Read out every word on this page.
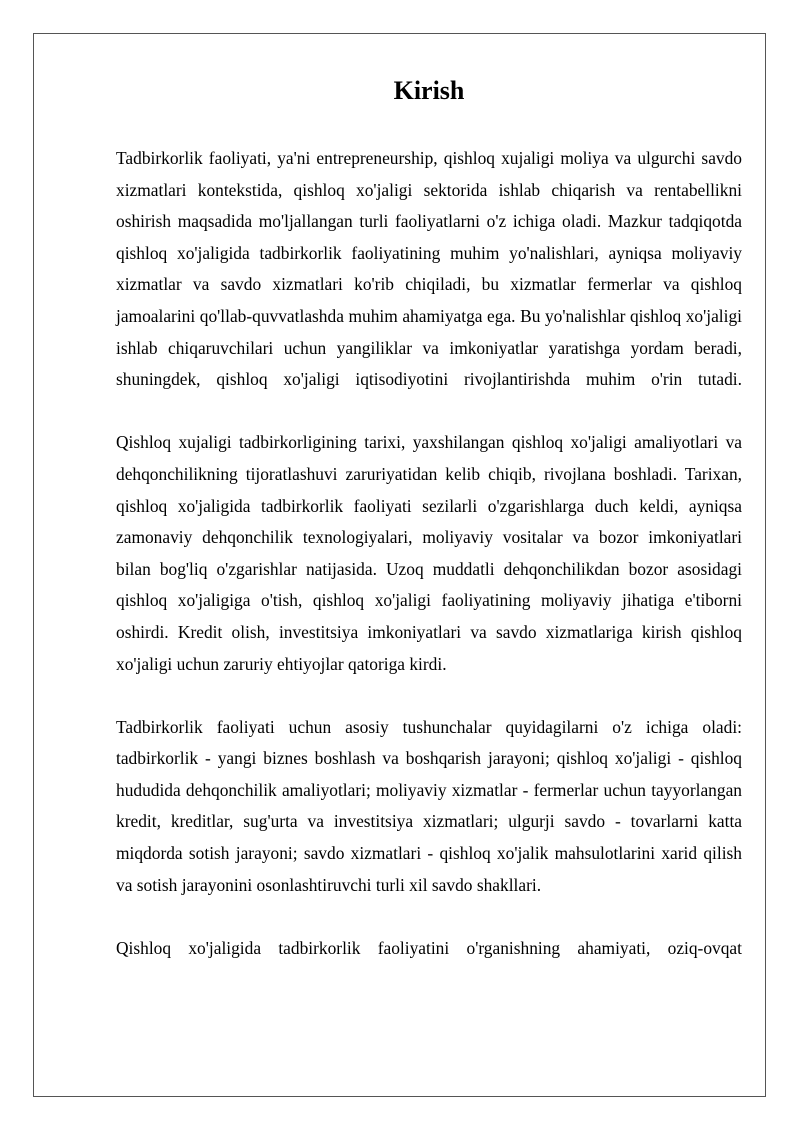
Kirish

Tadbirkorlik faoliyati, ya'ni entrepreneurship, qishloq xujaligi moliya va ulgurchi savdo xizmatlari kontekstida, qishloq xo'jaligi sektorida ishlab chiqarish va rentabellikni oshirish maqsadida mo'ljallangan turli faoliyatlarni o'z ichiga oladi. Mazkur tadqiqotda qishloq xo'jaligida tadbirkorlik faoliyatining muhim yo'nalishlari, ayniqsa moliyaviy xizmatlar va savdo xizmatlari ko'rib chiqiladi, bu xizmatlar fermerlar va qishloq jamoalarini qo'llab-quvvatlashda muhim ahamiyatga ega. Bu yo'nalishlar qishloq xo'jaligi ishlab chiqaruvchilari uchun yangiliklar va imkoniyatlar yaratishga yordam beradi, shuningdek, qishloq xo'jaligi iqtisodiyotini rivojlantirishda muhim o'rin tutadi.

Qishloq xujaligi tadbirkorligining tarixi, yaxshilangan qishloq xo'jaligi amaliyotlari va dehqonchilikning tijoratlashuvi zaruriyatidan kelib chiqib, rivojlana boshladi. Tarixan, qishloq xo'jaligida tadbirkorlik faoliyati sezilarli o'zgarishlarga duch keldi, ayniqsa zamonaviy dehqonchilik texnologiyalari, moliyaviy vositalar va bozor imkoniyatlari bilan bog'liq o'zgarishlar natijasida. Uzoq muddatli dehqonchilikdan bozor asosidagi qishloq xo'jaligiga o'tish, qishloq xo'jaligi faoliyatining moliyaviy jihatiga e'tiborni oshirdi. Kredit olish, investitsiya imkoniyatlari va savdo xizmatlariga kirish qishloq xo'jaligi uchun zaruriy ehtiyojlar qatoriga kirdi.

Tadbirkorlik faoliyati uchun asosiy tushunchalar quyidagilarni o'z ichiga oladi: tadbirkorlik - yangi biznes boshlash va boshqarish jarayoni; qishloq xo'jaligi - qishloq hududida dehqonchilik amaliyotlari; moliyaviy xizmatlar - fermerlar uchun tayyorlangan kredit, kreditlar, sug'urta va investitsiya xizmatlari; ulgurji savdo - tovarlarni katta miqdorda sotish jarayoni; savdo xizmatlari - qishloq xo'jalik mahsulotlarini xarid qilish va sotish jarayonini osonlashtiruvchi turli xil savdo shakllari.

Qishloq xo'jaligida tadbirkorlik faoliyatini o'rganishning ahamiyati, oziq-ovqat
